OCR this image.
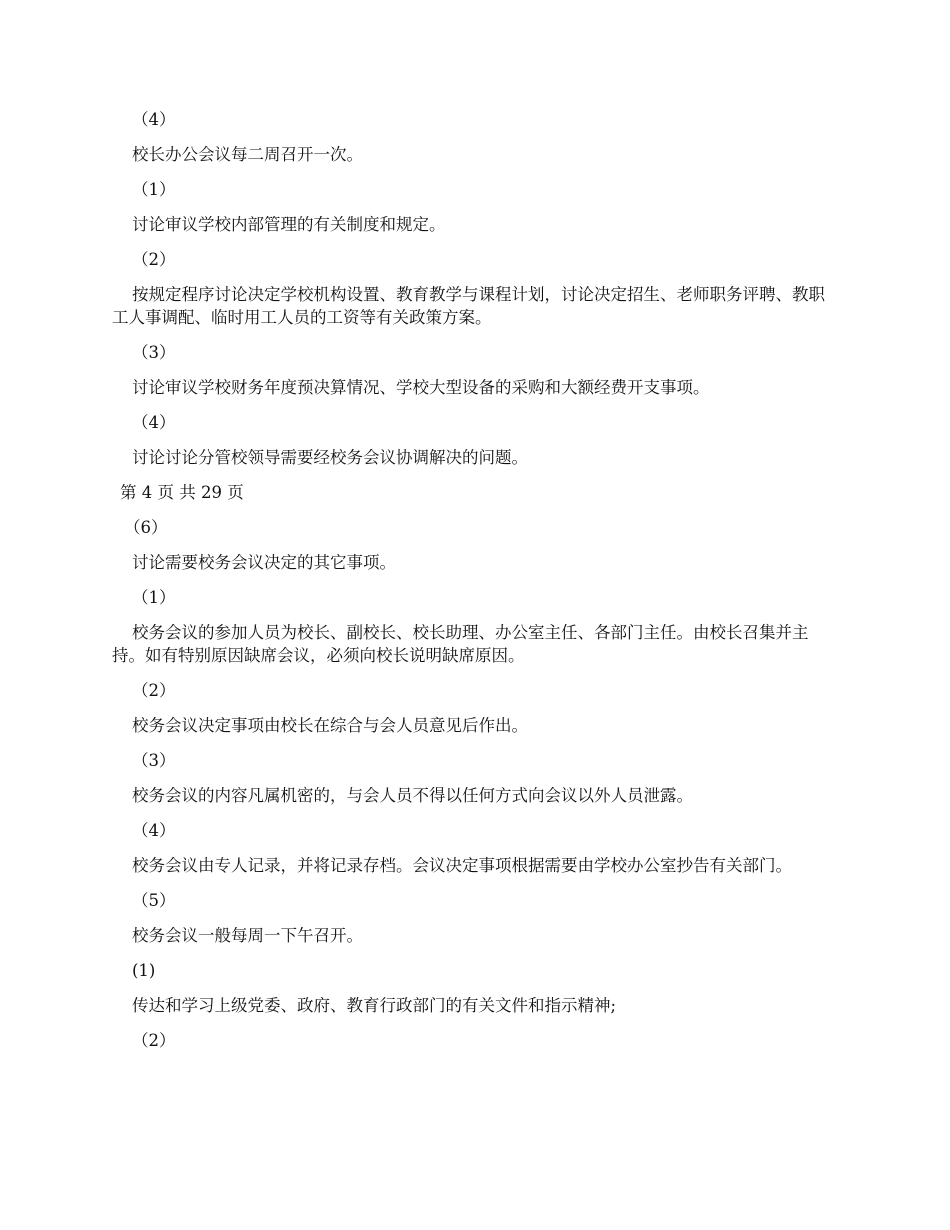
（4）

校长办公会议每二周召开一次。

（1）

讨论审议学校内部管理的有关制度和规定。

（2）

按规定程序讨论决定学校机构设置、教育教学与课程计划，讨论决定招生、老师职务评聘、教职工人事调配、临时用工人员的工资等有关政策方案。

（3）

讨论审议学校财务年度预决算情况、学校大型设备的采购和大额经费开支事项。

（4）

讨论讨论分管校领导需要经校务会议协调解决的问题。

第 4 页 共 29 页

（6）

讨论需要校务会议决定的其它事项。

（1）

校务会议的参加人员为校长、副校长、校长助理、办公室主任、各部门主任。由校长召集并主持。如有特别原因缺席会议，必须向校长说明缺席原因。

（2）

校务会议决定事项由校长在综合与会人员意见后作出。

（3）

校务会议的内容凡属机密的，与会人员不得以任何方式向会议以外人员泄露。

（4）

校务会议由专人记录，并将记录存档。会议决定事项根据需要由学校办公室抄告有关部门。

（5）

校务会议一般每周一下午召开。

(1)

传达和学习上级党委、政府、教育行政部门的有关文件和指示精神;

（2）
